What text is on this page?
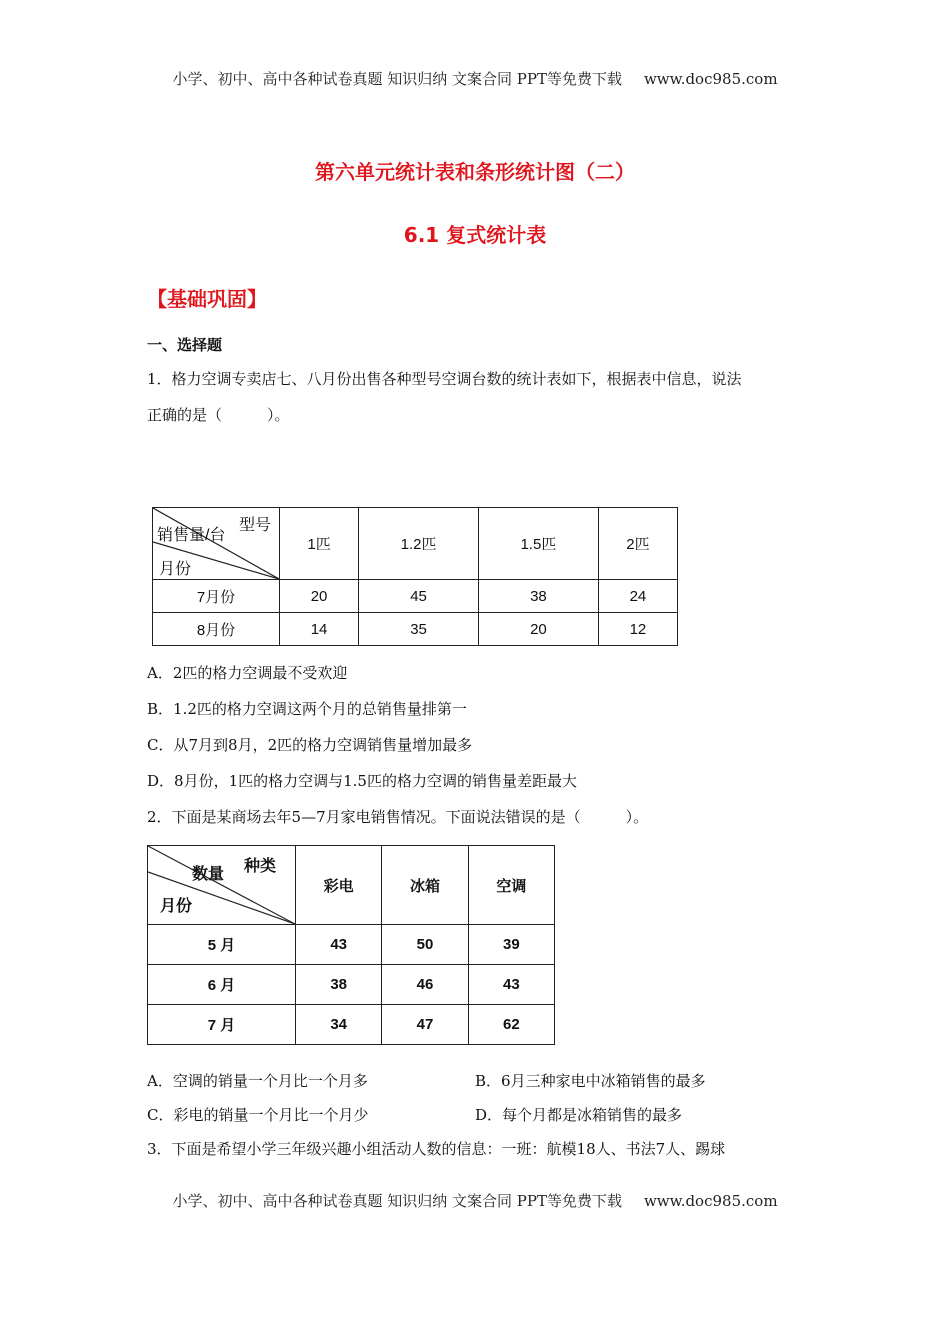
小学、初中、高中各种试卷真题 知识归纳 文案合同 PPT等免费下载 www.doc985.com
第六单元统计表和条形统计图（二）
6.1 复式统计表
【基础巩固】
一、选择题
1．格力空调专卖店七、八月份出售各种型号空调台数的统计表如下，根据表中信息，说法
正确的是（　　　）。
型号
销售量/台
月份	1匹	1.2匹	1.5匹	2匹
7月份	20	45	38	24
8月份	14	35	20	12
A．2匹的格力空调最不受欢迎
B．1.2匹的格力空调这两个月的总销售量排第一
C．从7月到8月，2匹的格力空调销售量增加最多
D．8月份，1匹的格力空调与1.5匹的格力空调的销售量差距最大
2．下面是某商场去年5—7月家电销售情况。下面说法错误的是（　　　）。
种类
数量
月份	彩电	冰箱	空调
5 月	43	50	39
6 月	38	46	43
7 月	34	47	62
A．空调的销量一个月比一个月多	B．6月三种家电中冰箱销售的最多
C．彩电的销量一个月比一个月少	D．每个月都是冰箱销售的最多
3．下面是希望小学三年级兴趣小组活动人数的信息：一班：航模18人、书法7人、踢球
小学、初中、高中各种试卷真题 知识归纳 文案合同 PPT等免费下载 www.doc985.com
